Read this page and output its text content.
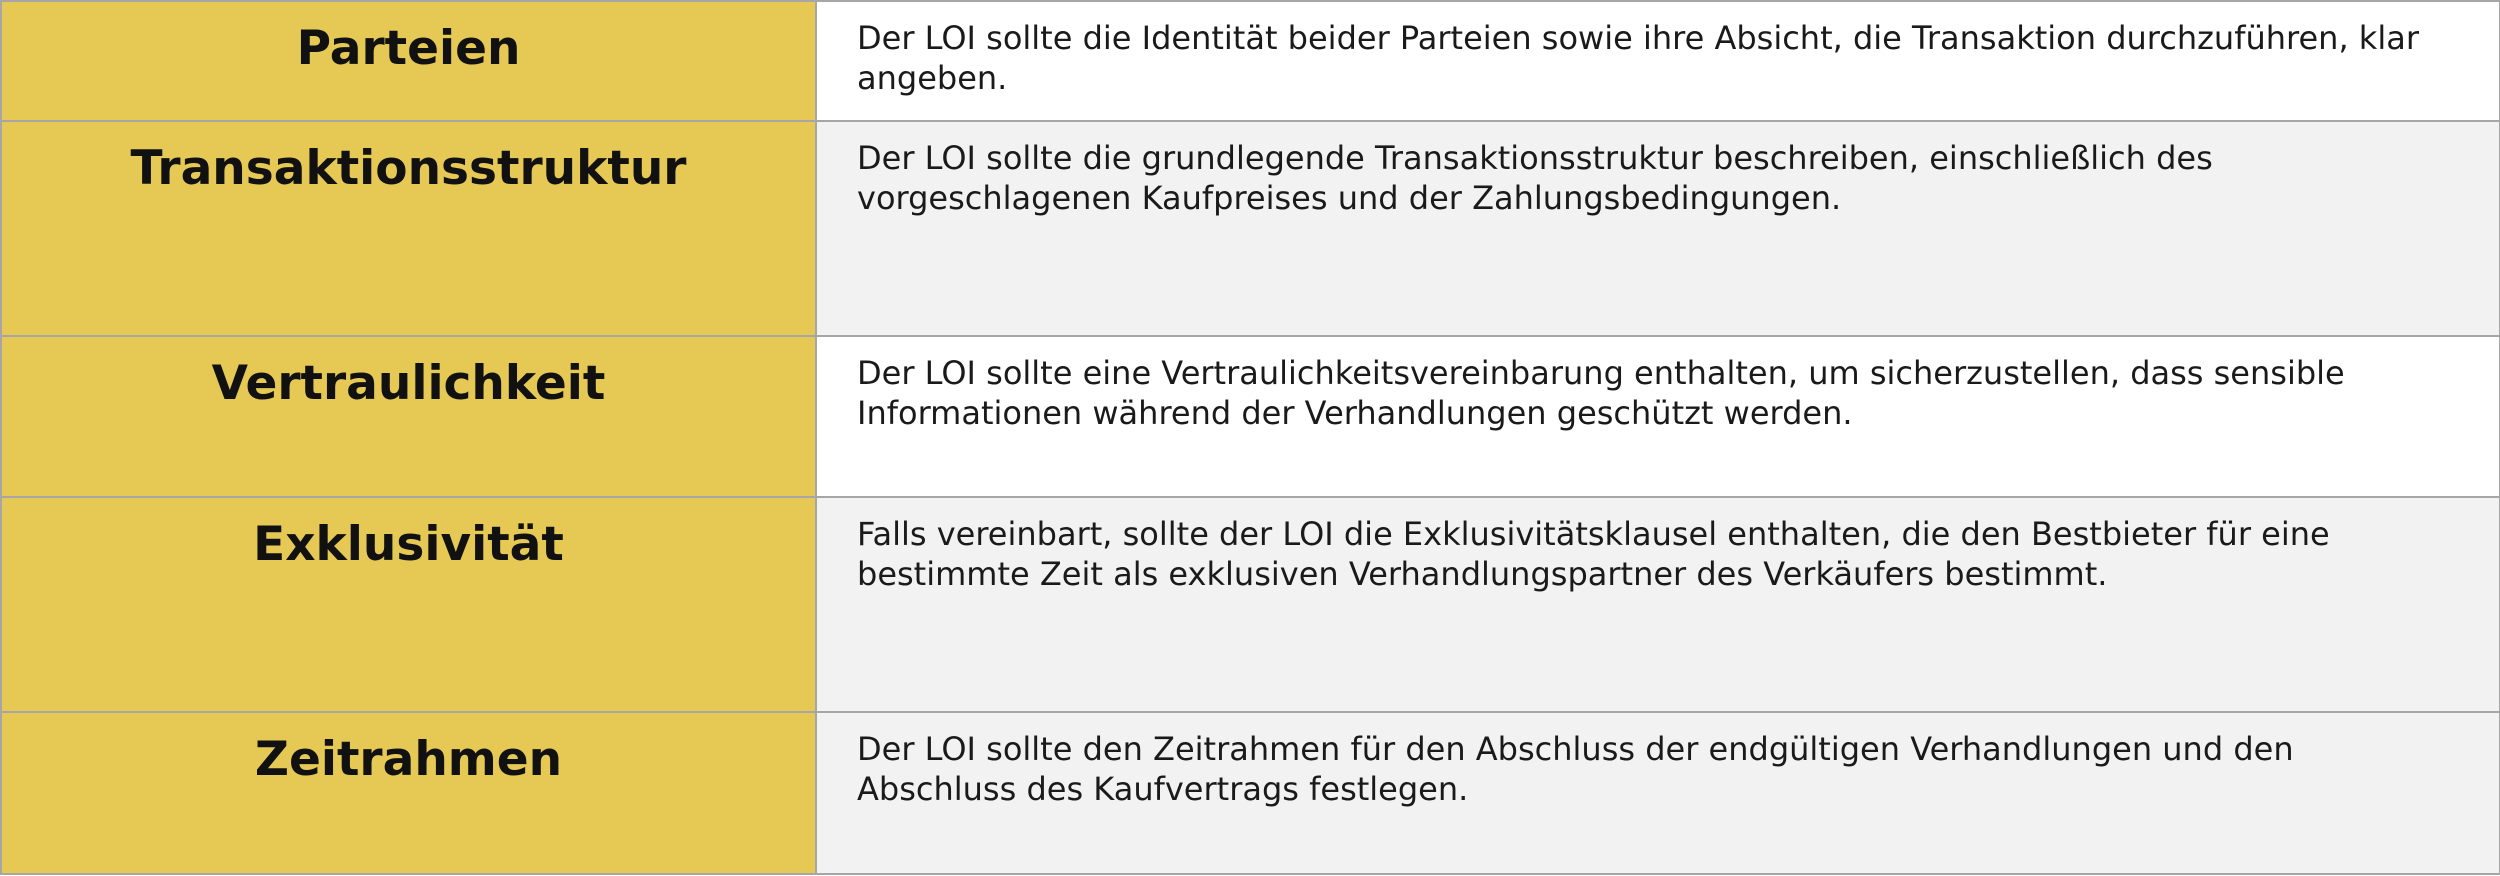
Parteien	Der LOI sollte die Identität beider Parteien sowie ihre Absicht, die Transaktion durchzuführen, klar angeben.

Transaktionsstruktur	Der LOI sollte die grundlegende Transaktionsstruktur beschreiben, einschließlich des vorgeschlagenen Kaufpreises und der Zahlungsbedingungen.

Vertraulichkeit	Der LOI sollte eine Vertraulichkeitsvereinbarung enthalten, um sicherzustellen, dass sensible Informationen während der Verhandlungen geschützt werden.

Exklusivität	Falls vereinbart, sollte der LOI die Exklusivitätsklausel enthalten, die den Bestbieter für eine bestimmte Zeit als exklusiven Verhandlungspartner des Verkäufers bestimmt.

Zeitrahmen	Der LOI sollte den Zeitrahmen für den Abschluss der endgültigen Verhandlungen und den Abschluss des Kaufvertrags festlegen.
